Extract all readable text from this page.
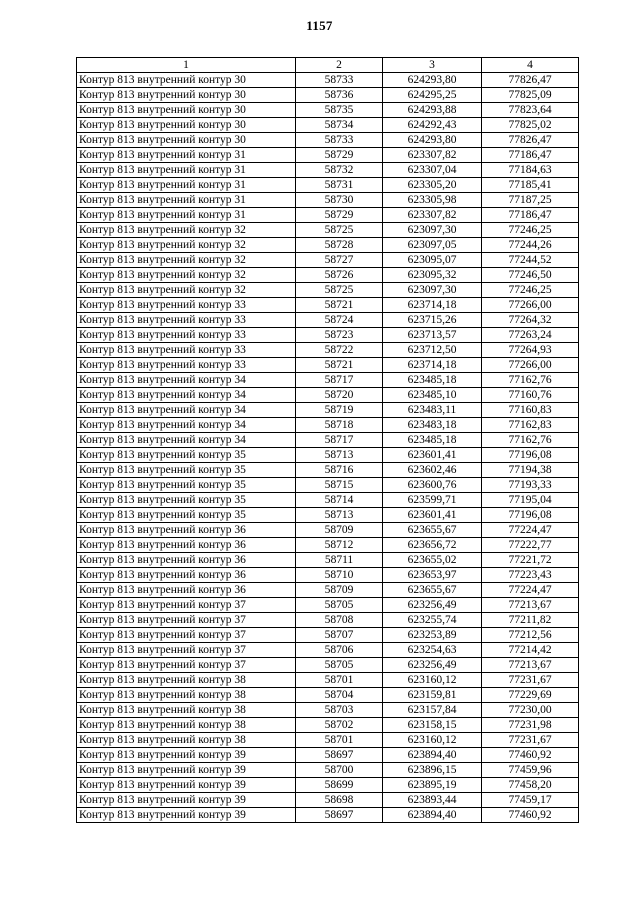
1157
1	2	3	4
Контур 813 внутренний контур 30	58733	624293,80	77826,47
Контур 813 внутренний контур 30	58736	624295,25	77825,09
Контур 813 внутренний контур 30	58735	624293,88	77823,64
Контур 813 внутренний контур 30	58734	624292,43	77825,02
Контур 813 внутренний контур 30	58733	624293,80	77826,47
Контур 813 внутренний контур 31	58729	623307,82	77186,47
Контур 813 внутренний контур 31	58732	623307,04	77184,63
Контур 813 внутренний контур 31	58731	623305,20	77185,41
Контур 813 внутренний контур 31	58730	623305,98	77187,25
Контур 813 внутренний контур 31	58729	623307,82	77186,47
Контур 813 внутренний контур 32	58725	623097,30	77246,25
Контур 813 внутренний контур 32	58728	623097,05	77244,26
Контур 813 внутренний контур 32	58727	623095,07	77244,52
Контур 813 внутренний контур 32	58726	623095,32	77246,50
Контур 813 внутренний контур 32	58725	623097,30	77246,25
Контур 813 внутренний контур 33	58721	623714,18	77266,00
Контур 813 внутренний контур 33	58724	623715,26	77264,32
Контур 813 внутренний контур 33	58723	623713,57	77263,24
Контур 813 внутренний контур 33	58722	623712,50	77264,93
Контур 813 внутренний контур 33	58721	623714,18	77266,00
Контур 813 внутренний контур 34	58717	623485,18	77162,76
Контур 813 внутренний контур 34	58720	623485,10	77160,76
Контур 813 внутренний контур 34	58719	623483,11	77160,83
Контур 813 внутренний контур 34	58718	623483,18	77162,83
Контур 813 внутренний контур 34	58717	623485,18	77162,76
Контур 813 внутренний контур 35	58713	623601,41	77196,08
Контур 813 внутренний контур 35	58716	623602,46	77194,38
Контур 813 внутренний контур 35	58715	623600,76	77193,33
Контур 813 внутренний контур 35	58714	623599,71	77195,04
Контур 813 внутренний контур 35	58713	623601,41	77196,08
Контур 813 внутренний контур 36	58709	623655,67	77224,47
Контур 813 внутренний контур 36	58712	623656,72	77222,77
Контур 813 внутренний контур 36	58711	623655,02	77221,72
Контур 813 внутренний контур 36	58710	623653,97	77223,43
Контур 813 внутренний контур 36	58709	623655,67	77224,47
Контур 813 внутренний контур 37	58705	623256,49	77213,67
Контур 813 внутренний контур 37	58708	623255,74	77211,82
Контур 813 внутренний контур 37	58707	623253,89	77212,56
Контур 813 внутренний контур 37	58706	623254,63	77214,42
Контур 813 внутренний контур 37	58705	623256,49	77213,67
Контур 813 внутренний контур 38	58701	623160,12	77231,67
Контур 813 внутренний контур 38	58704	623159,81	77229,69
Контур 813 внутренний контур 38	58703	623157,84	77230,00
Контур 813 внутренний контур 38	58702	623158,15	77231,98
Контур 813 внутренний контур 38	58701	623160,12	77231,67
Контур 813 внутренний контур 39	58697	623894,40	77460,92
Контур 813 внутренний контур 39	58700	623896,15	77459,96
Контур 813 внутренний контур 39	58699	623895,19	77458,20
Контур 813 внутренний контур 39	58698	623893,44	77459,17
Контур 813 внутренний контур 39	58697	623894,40	77460,92
